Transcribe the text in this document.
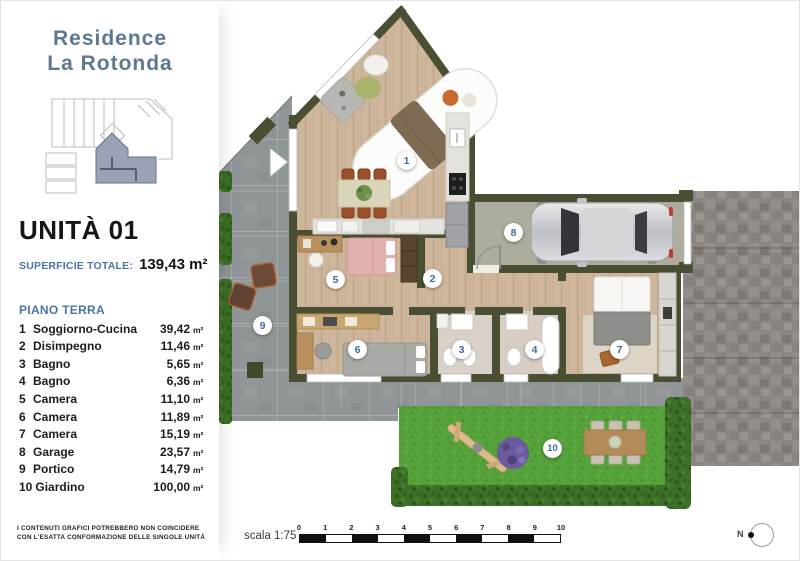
1
2
3	4
5
6	7
8
9
10
Residence
La Rotonda
UNITÀ 01
SUPERFICIE TOTALE: 139,43 m²
PIANO TERRA
1 Soggiorno-Cucina	39,42 m²
2 Disimpegno	11,46 m²
3 Bagno	5,65 m²
4 Bagno	6,36 m²
5 Camera	11,10 m²
6 Camera	11,89 m²
7 Camera	15,19 m²
8 Garage	23,57 m²
9 Portico	14,79 m²
10 Giardino	100,00 m²
I CONTENUTI GRAFICI POTREBBERO NON COINCIDERE
CON L'ESATTA CONFORMAZIONE DELLE SINGOLE UNITÀ	scala 1:75
0	1	2	3	4	5	6	7	8	9	10
N
